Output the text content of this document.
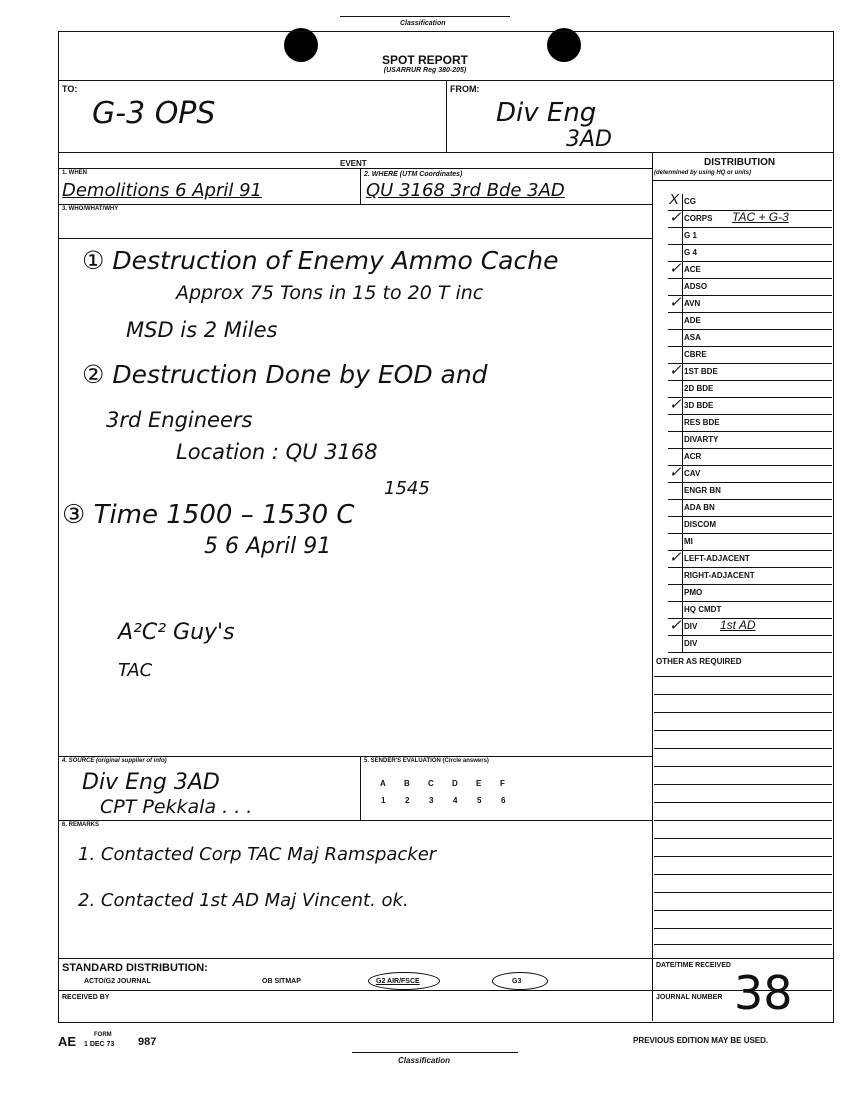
Classification
SPOT REPORT
(USARRUR Reg 380-205)
TO:
G-3 OPS
FROM:
Div Eng
3AD
EVENT
1. WHEN	2. WHERE (UTM Coordinates)
Demolitions 6 April 91	QU 3168 3rd Bde 3AD
3. WHO/WHAT/WHY
① Destruction of Enemy Ammo Cache
Approx 75 Tons in 15 to 20 T inc
MSD is 2 Miles
② Destruction Done by EOD and
3rd Engineers
Location : QU 3168
1545
③ Time 1500 – 1530 C
5 6 April 91
A²C² Guy's
TAC
4. SOURCE (original supplier of info)	5. SENDER'S EVALUATION (Circle answers)
Div Eng 3AD
CPT Pekkala . . .
A B C D E F
1 2 3 4 5 6
6. REMARKS
1. Contacted Corp TAC Maj Ramspacker
2. Contacted 1st AD Maj Vincent. ok.
STANDARD DISTRIBUTION:
ACTO/G2 JOURNAL	OB SITMAP	G2 AIR/FSCE	G3
RECEIVED BY
DATE/TIME RECEIVED
JOURNAL NUMBER 38
DISTRIBUTION
(determined by using HQ or units)
X CG
✓ CORPS TAC + G-3
G 1
G 4
✓ ACE
ADSO
✓ AVN
ADE
ASA
CBRE
✓ 1ST BDE
2D BDE
✓ 3D BDE
RES BDE
DIVARTY
ACR
✓ CAV
ENGR BN
ADA BN
DISCOM
MI
✓ LEFT-ADJACENT
RIGHT-ADJACENT
PMO
HQ CMDT
✓ DIV 1st AD
DIV
OTHER AS REQUIRED
AE	FORM
1 DEC 73 987	PREVIOUS EDITION MAY BE USED.
Classification
